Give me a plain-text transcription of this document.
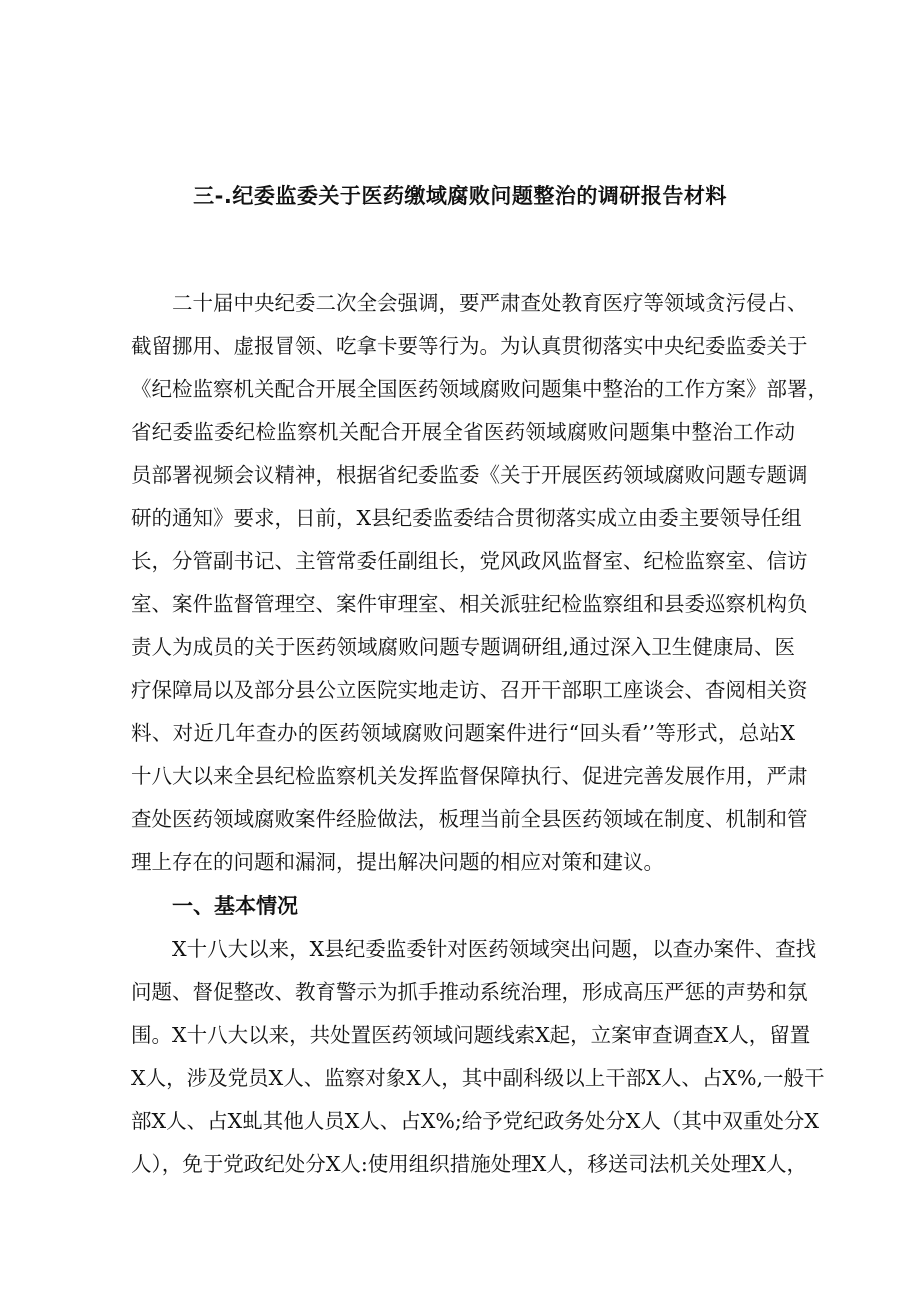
三-.纪委监委关于医药缴域腐败问题整治的调研报告材料
二十届中央纪委二次全会强调，要严肃查处教育医疗等领域贪污侵占、
截留挪用、虚报冒领、吃拿卡要等行为。为认真贯彻落实中央纪委监委关于
《纪检监察机关配合开展全国医药领域腐败问题集中整治的工作方案》部署，
省纪委监委纪检监察机关配合开展全省医药领域腐败问题集中整治工作动
员部署视频会议精神，根据省纪委监委《关于开展医药领域腐败问题专题调
研的通知》要求，日前，X县纪委监委结合贯彻落实成立由委主要领导任组
长，分管副书记、主管常委任副组长，党风政风监督室、纪检监察室、信访
室、案件监督管理空、案件审理室、相关派驻纪检监察组和县委巡察机构负
责人为成员的关于医药领域腐败问题专题调研组,通过深入卫生健康局、医
疗保障局以及部分县公立医院实地走访、召开干部职工座谈会、杳阅相关资
料、对近几年查办的医药领域腐败问题案件进行“回头看’’等形式，总站X
十八大以来全县纪检监察机关发挥监督保障执行、促进完善发展作用，严肃
查处医药领域腐败案件经脸做法，板理当前全县医药领域在制度、机制和管
理上存在的问题和漏洞，提出解决问题的相应对策和建议。
一、基本情况
X十八大以来，X县纪委监委针对医药领域突出问题，以查办案件、查找
问题、督促整改、教育警示为抓手推动系统治理，形成高压严惩的声势和氛
围。X十八大以来，共处置医药领域问题线索X起，立案审查调查X人，留置
X人，涉及党员X人、监察对象X人，其中副科级以上干部X人、占X%,一般干
部X人、占X虬其他人员X人、占X%;给予党纪政务处分X人（其中双重处分X
人），免于党政纪处分X人:使用组织措施处理X人，移送司法机关处理X人，
